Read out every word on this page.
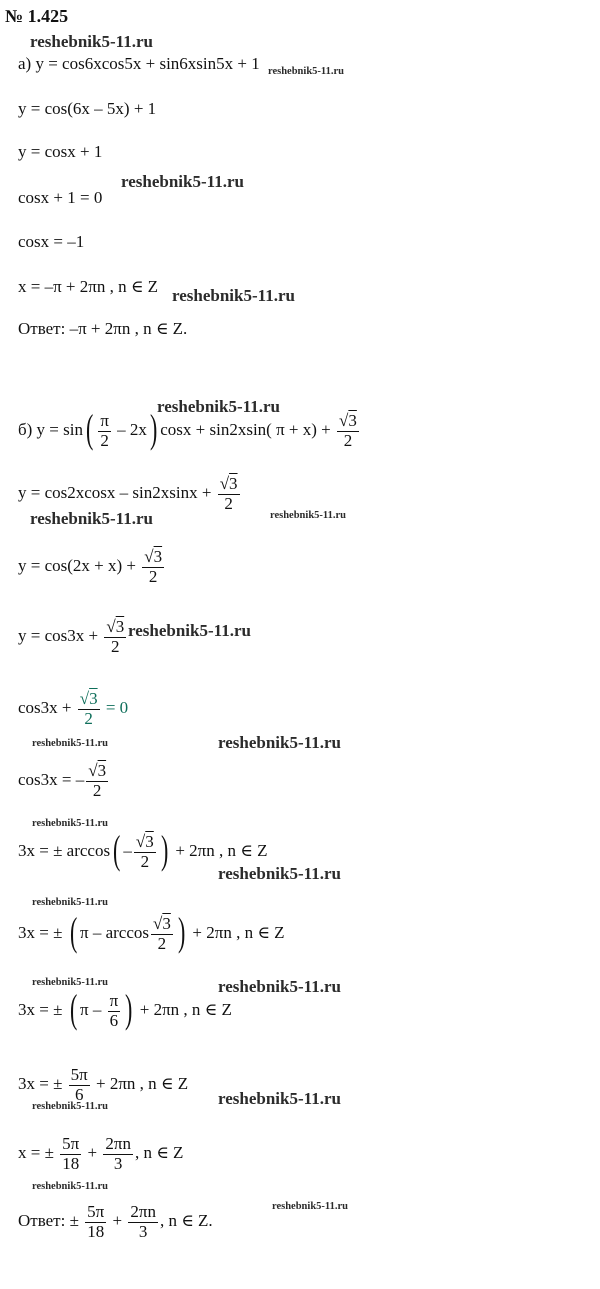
№ 1.425
а) y = cos6xcos5x + sin6xsin5x + 1
y = cos(6x – 5x) + 1
y = cosx + 1
cosx + 1 = 0
cosx = –1
x = –π + 2πn , n ∈ Z
Ответ: –π + 2πn , n ∈ Z.
б) $y = \sin( \frac{\pi}{2} - 2x)$ cosx + sin2xsin( $\pi + x) + \frac{√3}{2}$
$y = \cos 2xcosx - \sin 2xsinx + \frac{√3}{2}$
$y = \cos(2x + x) + \frac{√3}{2}$
$y = \cos 3x + \frac{√3}{2}$
$\cos 3x + \frac{√3}{2} = 0$
cos3x = – $\frac{√3}{2}$
3x = ± $\arccos( - \frac{√3}{2}$ ) + 2πn , n ∈ Z
3x = ± ( π – $\arccos \frac{√3}{2}$ ) + 2πn , n ∈ Z
3x = ± ( π – $\frac{\pi}{6}$ ) + 2πn , n ∈ Z
3x = ± $\frac{5\pi}{6} + 2\pi n$ , n ∈ Z
x = ± $\frac{5\pi}{18} + \frac{2\pi n}{3}$ , n ∈ Z
Ответ: ± $\frac{5\pi}{18} + \frac{2\pi n}{3}$ , n ∈ Z.
reshebnik5-11.ru
reshebnik5-11.ru
reshebnik5-11.ru
reshebnik5-11.ru
reshebnik5-11.ru
reshebnik5-11.ru	reshebnik5-11.ru
reshebnik5-11.ru
reshebnik5-11.ru	reshebnik5-11.ru
reshebnik5-11.ru
reshebnik5-11.ru
reshebnik5-11.ru
reshebnik5-11.ru	reshebnik5-11.ru
reshebnik5-11.ru
reshebnik5-11.ru
reshebnik5-11.ru
reshebnik5-11.ru
